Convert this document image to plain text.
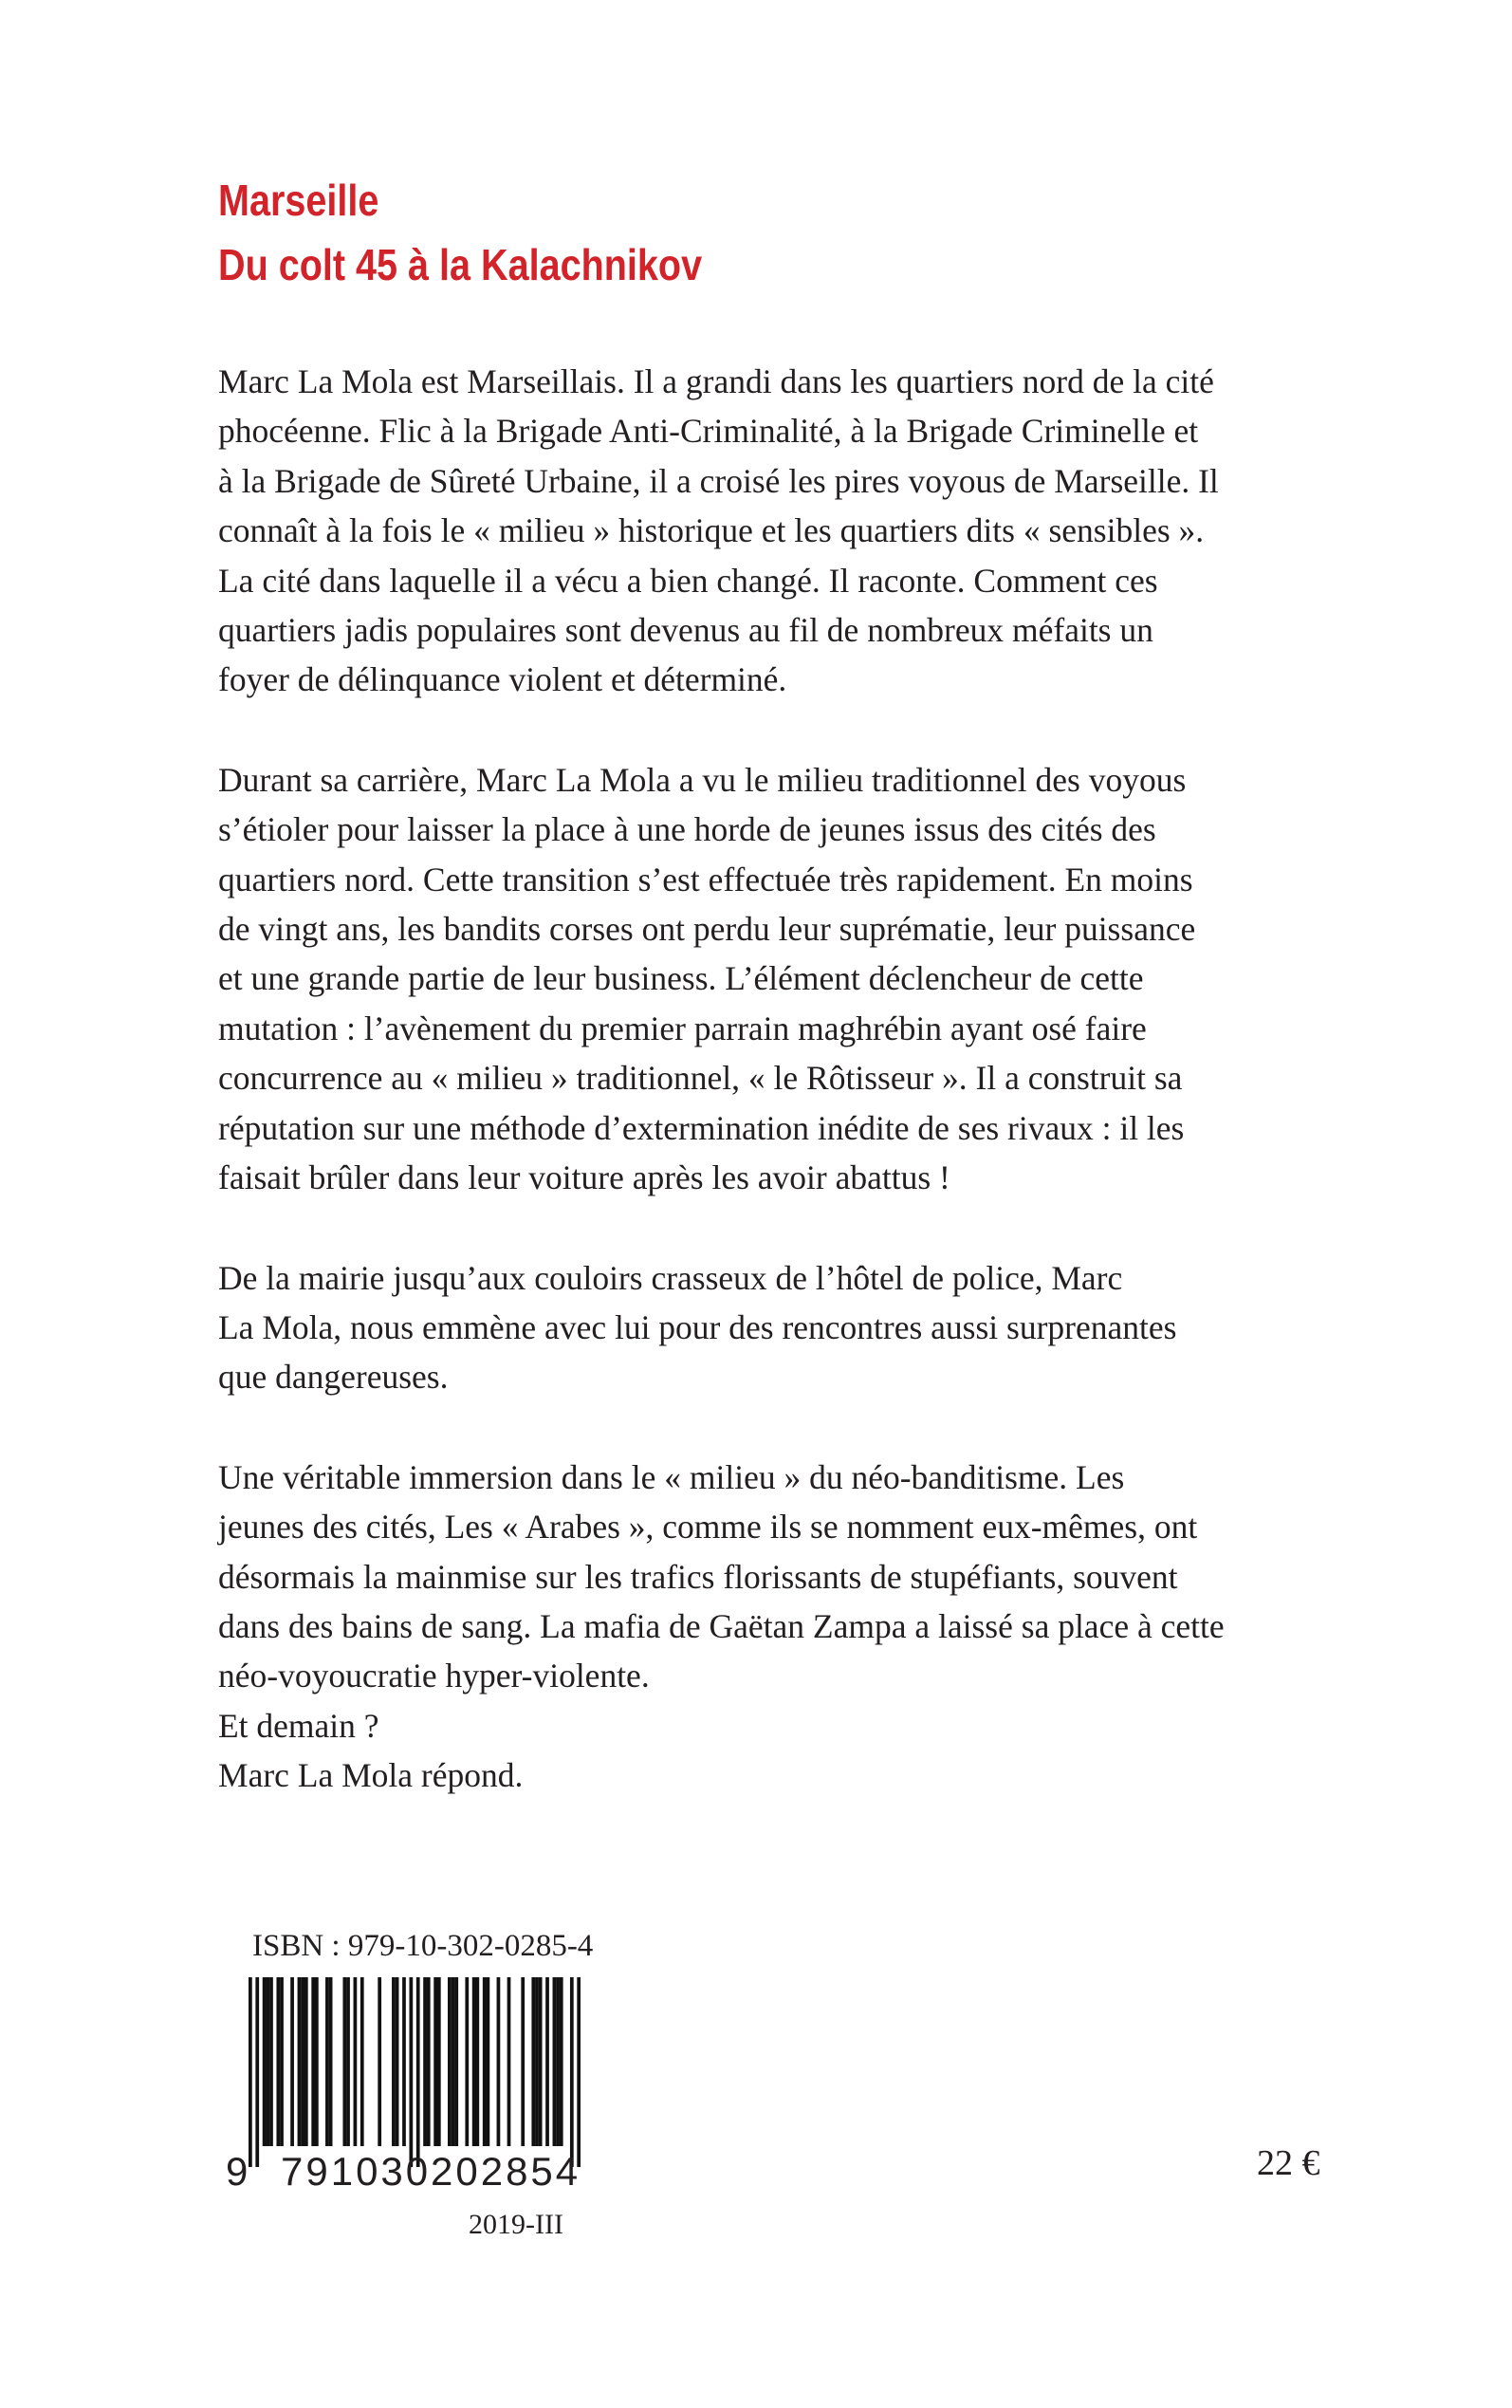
Marseille
Du colt 45 à la Kalachnikov

Marc La Mola est Marseillais. Il a grandi dans les quartiers nord de la cité
phocéenne. Flic à la Brigade Anti-Criminalité, à la Brigade Criminelle et
à la Brigade de Sûreté Urbaine, il a croisé les pires voyous de Marseille. Il
connaît à la fois le « milieu » historique et les quartiers dits « sensibles ».
La cité dans laquelle il a vécu a bien changé. Il raconte. Comment ces
quartiers jadis populaires sont devenus au fil de nombreux méfaits un
foyer de délinquance violent et déterminé.

Durant sa carrière, Marc La Mola a vu le milieu traditionnel des voyous
s’étioler pour laisser la place à une horde de jeunes issus des cités des
quartiers nord. Cette transition s’est effectuée très rapidement. En moins
de vingt ans, les bandits corses ont perdu leur suprématie, leur puissance
et une grande partie de leur business. L’élément déclencheur de cette
mutation : l’avènement du premier parrain maghrébin ayant osé faire
concurrence au « milieu » traditionnel, « le Rôtisseur ». Il a construit sa
réputation sur une méthode d’extermination inédite de ses rivaux : il les
faisait brûler dans leur voiture après les avoir abattus !

De la mairie jusqu’aux couloirs crasseux de l’hôtel de police, Marc
La Mola, nous emmène avec lui pour des rencontres aussi surprenantes
que dangereuses.

Une véritable immersion dans le « milieu » du néo-banditisme. Les
jeunes des cités, Les « Arabes », comme ils se nomment eux-mêmes, ont
désormais la mainmise sur les trafics florissants de stupéfiants, souvent
dans des bains de sang. La mafia de Gaëtan Zampa a laissé sa place à cette
néo-voyoucratie hyper-violente.
Et demain ?
Marc La Mola répond.

ISBN : 979-10-302-0285-4
9 791030 202854
2019-III
22 €
